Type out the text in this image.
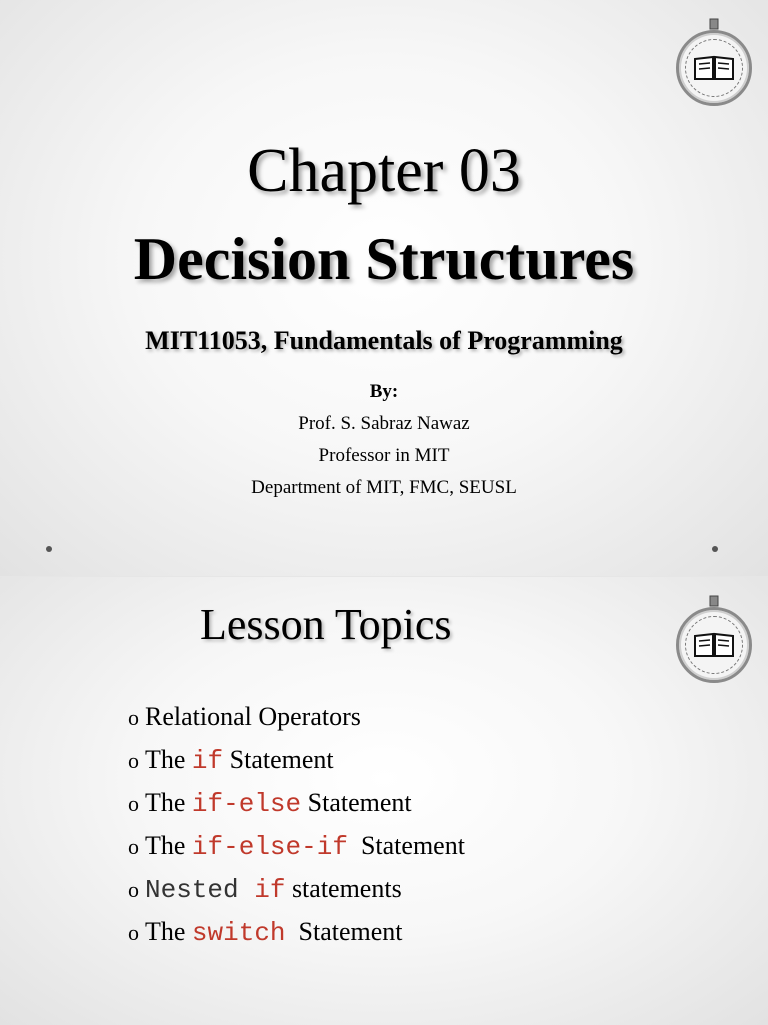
Chapter 03
Decision Structures
MIT11053, Fundamentals of Programming
By:
Prof. S. Sabraz Nawaz
Professor in MIT
Department of MIT, FMC, SEUSL
Lesson Topics
o Relational Operators
o The if Statement
o The if-else Statement
o The if-else-if  Statement
o Nested if statements
o The switch  Statement
